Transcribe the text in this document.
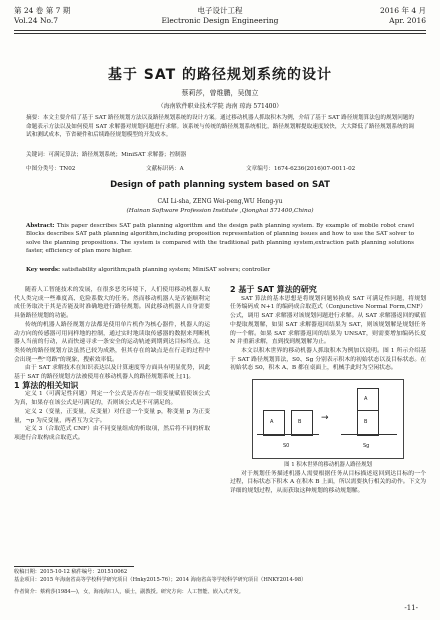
第 24 卷 第 7 期
Vol.24 No.7
电子设计工程
Electronic Design Engineering
2016 年 4 月
Apr. 2016
基于 SAT 的路径规划系统的设计
蔡莉莎，曾维鹏，吴伽立
（海南软件职业技术学院 海南 琼海 571400）
摘要：本文主要介绍了基于 SAT 路径规划方法以及路径规划系统的设计方案。通过移动机器人抓取积木为例，介绍了基于 SAT 路径规划算法包的规划问题的命题表示方法以及如何使用 SAT 求解器对规划问题进行求解。该系统与传统的路径规划系统相比，路径规划解提取速度较快，大大降低了路径规划系统的调试和测试成本，节省硬件和后续路径规划模型的开发成本。
关键词：可满足算法；路径规划系统；MiniSAT 求解器；控制器
中图分类号：TN02	文献标识码：A	文章编号：1674-6236(2016)07-0011-02
Design of path planning system based on SAT
CAI Li-sha, ZENG Wei-peng,WU Heng-yu
(Hainan Software Profession Institute ,Qionghai 571400,China)
Abstract: This paper describes SAT path planning algorithm and the design path planning system. By example of mobile robot crawl Blocks describes SAT path planning algorithm,including proposition representation of planning issues and how to use the SAT solver to solve the planning propositions. The system is compared with the traditional path planning system,extraction path planning solutions faster, efficiency of plan more higher.
Key words: satisfiability algorithm;path planning system; MiniSAT solvers; controller

随着人工智能技术的发展，在很多恶劣环境下，人们使用移动机器人取代人类完成一些难度高、危险系数大的任务。然而移动机器人是否能顺利完成任务取决于其是否能及时准确地进行路径规划。因此移动机器人自身需要具备路径规划的功能。

传统的机器人路径规划方法都是使用单片机作为核心器件，机器人的运动方向的传感器可用同样地的控制，通过实时地读取传感器的数据来判断机器人当前的行动，从而快速寻求一条安全的运动轨迹到期到达目标终点。这类传统的路径规划方法虽然已较为成熟，但其存在的缺点是在行走的过程中会出现一些"弯路"的现象，搜索效率低。

由于 SAT 求解技术在知识表达以及计算速度等方面具有明显优势，因此基于 SAT 的路径规划方法被使用在移动机器人的路径规划系统上[1]。

1 算法的相关知识

定义 1（可满足性问题）判定一个公式是否存在一组变量赋值使该公式为真，如果存在该公式是可满足的，否则该公式是不可满足的。

定义 2（变量，正变量，反变量）对任意一个变量 p，称变量 p 为正变量，¬p 为反变量，两者互为文字。

定义 3（合取范式 CNF）由不同变量组成的析取项，然后将不同的析取项进行合取构成合取范式。

2 基于 SAT 算法的研究

SAT 算法的基本思想是将规划问题转换成 SAT 可满足性问题，将规划任务编码成 N+1 的编码成合取范式（Conjunctive Normal Form,CNF）公式，调用 SAT 求解器对该规划问题进行求解。从 SAT 求解器返回的赋值中提取规划解，如果 SAT 求解器返回结果为 SAT，则该规划解是规划任务的一个解。如果 SAT 求解器返回的结果为 UNSAT，则需要增加编码长度 N 并重新求解，直到找到规划解为止。

本文以积木世界的移动机器人抓取积木为例加以说明。图 1 所示介绍基于 SAT 路径规划算法，S0、Sg 分别表示积木的初始状态以及目标状态。在初始状态 S0，积木 A、B 都在桌面上，机械手此时为空闲状态。

A	B
S0
→
A
B
Sg

图 1 积木世界的移动机器人路径规划

对于规划任务描述机器人需要根据任务从目标描述返回到达目标的一个过程，目标状态下积木 A 在积木 B 上面，所以需要执行相关的动作。下文为详细的规划过程，从而获取这种规划的移动规划解。

收稿日期：2015-10-12 稿件编号：201510062
基金项目：2015 年海南省高等学校科学研究项目（Hnky2015-76）；2014 海南省高等学校科学研究项目（HNKY2014-98）
作者简介：蔡莉莎(1984—)，女，海南海口人，硕士，副教授。研究方向：人工智能、嵌入式开发。
-11-
